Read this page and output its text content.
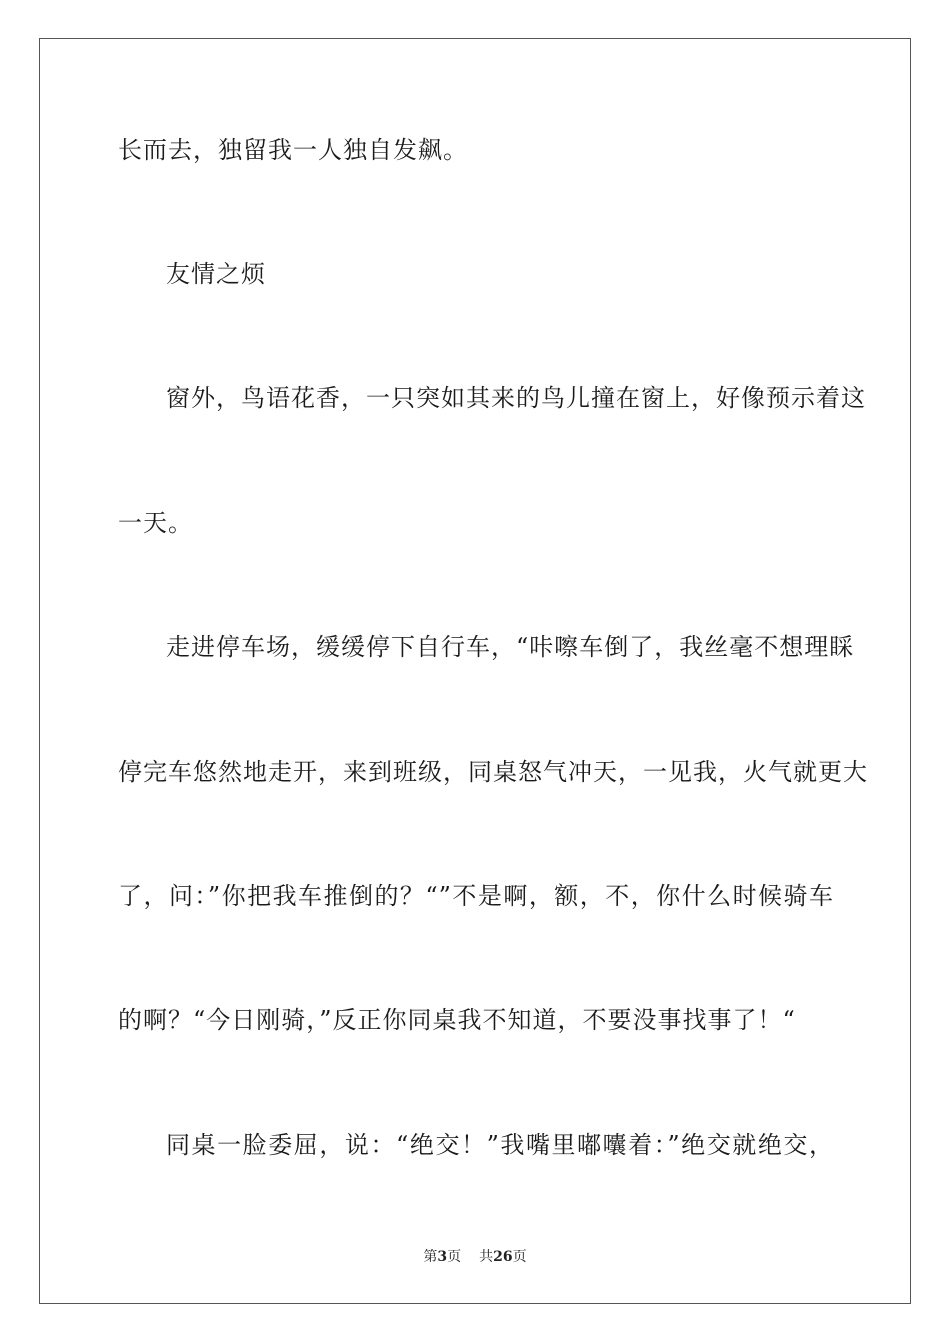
长而去，独留我一人独自发飙。
友情之烦
窗外，鸟语花香，一只突如其来的鸟儿撞在窗上，好像预示着这
一天。
走进停车场，缓缓停下自行车，“咔嚓车倒了，我丝毫不想理睬
停完车悠然地走开，来到班级，同桌怒气冲天，一见我，火气就更大
了，问：”你把我车推倒的？“”不是啊，额，不，你什么时候骑车
的啊？“今日刚骑，”反正你同桌我不知道，不要没事找事了！“
同桌一脸委屈，说：“绝交！”我嘴里嘟囔着：”绝交就绝交，
第3页 共26页
